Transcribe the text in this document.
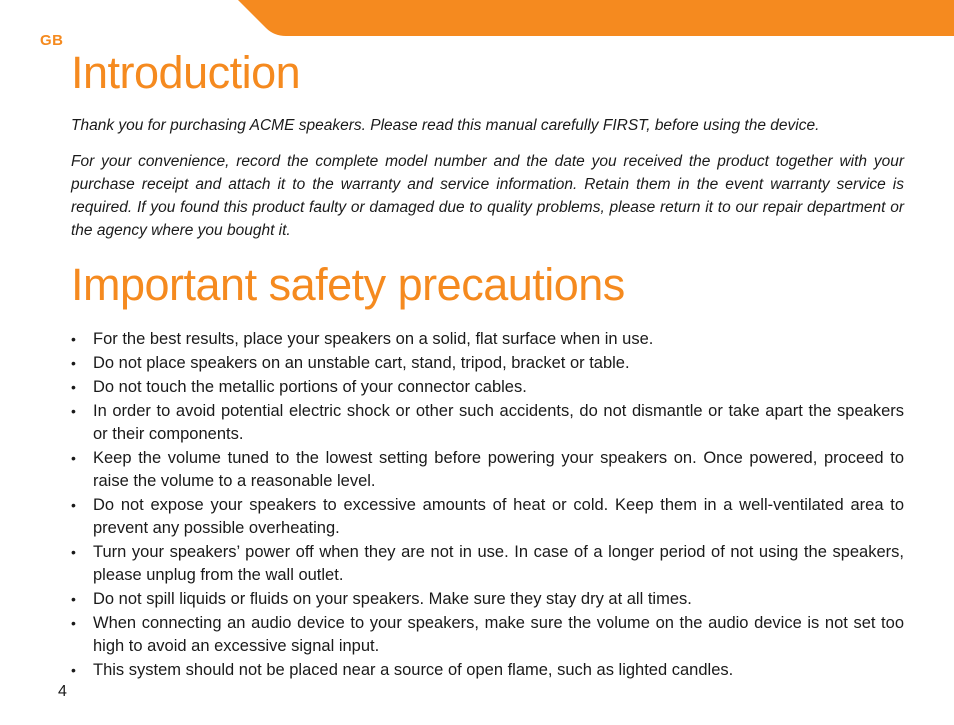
GB
Introduction

Thank you for purchasing ACME speakers. Please read this manual carefully FIRST, before using the device.

For your convenience, record the complete model number and the date you received the product together with your purchase receipt and attach it to the warranty and service information. Retain them in the event warranty service is required. If you found this product faulty or damaged due to quality problems, please return it to our repair department or the agency where you bought it.

Important safety precautions
• For the best results, place your speakers on a solid, flat surface when in use.
• Do not place speakers on an unstable cart, stand, tripod, bracket or table.
• Do not touch the metallic portions of your connector cables.
• In order to avoid potential electric shock or other such accidents, do not dismantle or take apart the speakers or their components.
• Keep the volume tuned to the lowest setting before powering your speakers on. Once powered, proceed to raise the volume to a reasonable level.
• Do not expose your speakers to excessive amounts of heat or cold. Keep them in a well-ventilated area to prevent any possible overheating.
• Turn your speakers’ power off when they are not in use. In case of a longer period of not using the speakers, please unplug from the wall outlet.
• Do not spill liquids or fluids on your speakers. Make sure they stay dry at all times.
• When connecting an audio device to your speakers, make sure the volume on the audio device is not set too high to avoid an excessive signal input.
• This system should not be placed near a source of open flame, such as lighted candles.
4
